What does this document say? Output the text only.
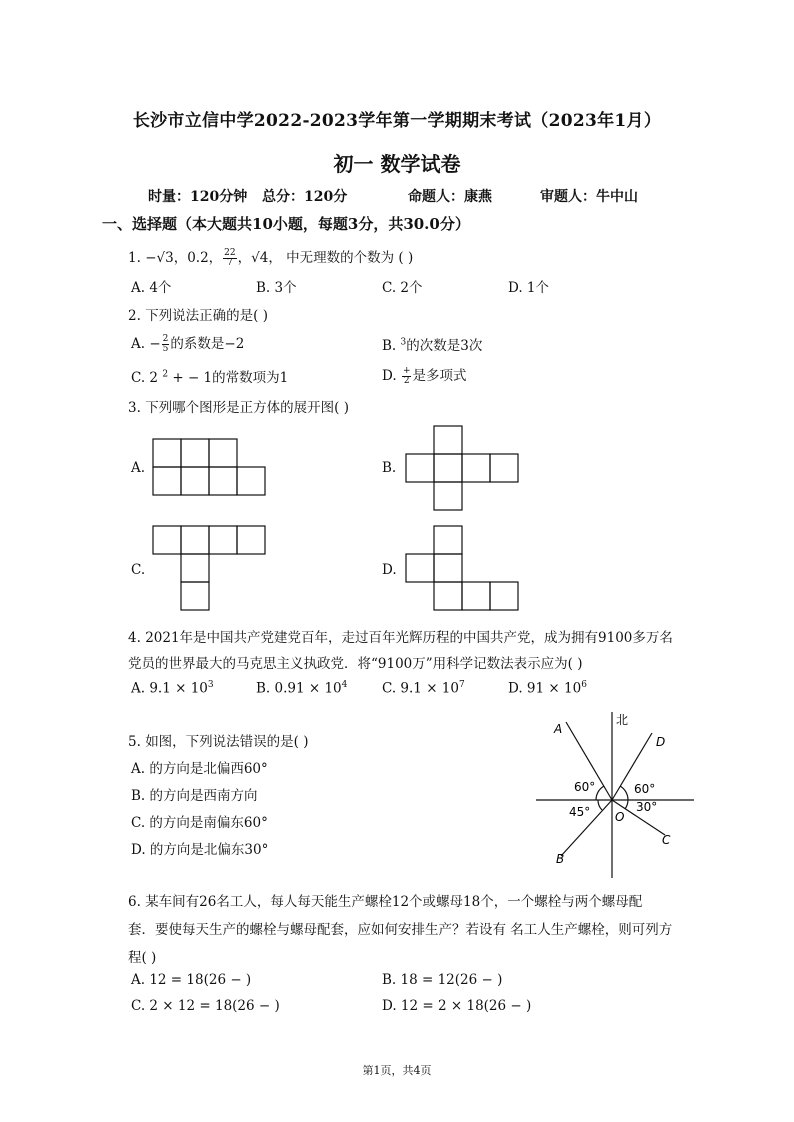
长沙市立信中学2022-2023学年第一学期期末考试（2023年1月）
初一 数学试卷
时量：120分钟 总分：120分	命题人：康燕	审题人：牛中山
一、选择题（本大题共10小题，每题3分，共30.0分）
1. −√3，0.2， $\frac{22}{7}$ ，√4， 中无理数的个数为 ( )
A. 4个	B. 3个	C. 2个	D. 1个
2. 下列说法正确的是( )
A. − $\frac{2}{5}$ 的系数是−2	B. $^3$的次数是3次
C. 2 $^2$ + − 1的常数项为1	D. $\frac{+}{2}$ 是多项式
3. 下列哪个图形是正方体的展开图( )
A.	B.
C.	D.
4. 2021年是中国共产党建党百年，走过百年光辉历程的中国共产党，成为拥有9100多万名
党员的世界最大的马克思主义执政党．将“9100万”用科学记数法表示应为( )
A. $9.1 \times 10^3$	B. $0.91 \times 10^4$	C. $9.1 \times 10^7$	D. $91 \times 10^6$
5. 如图，下列说法错误的是( )
A. 的方向是北偏西60°
B. 的方向是西南方向
C. 的方向是南偏东60°
D. 的方向是北偏东30°
北
A
D
C
B
O
60°	60°
45°	30°
6. 某车间有26名工人，每人每天能生产螺栓12个或螺母18个，一个螺栓与两个螺母配
套．要使每天生产的螺栓与螺母配套，应如何安排生产？若设有 名工人生产螺栓，则可列方
程( )
A. 12 = 18(26 − )	B. 18 = 12(26 − )
C. 2 × 12 = 18(26 − )	D. 12 = 2 × 18(26 − )
第1页，共4页
